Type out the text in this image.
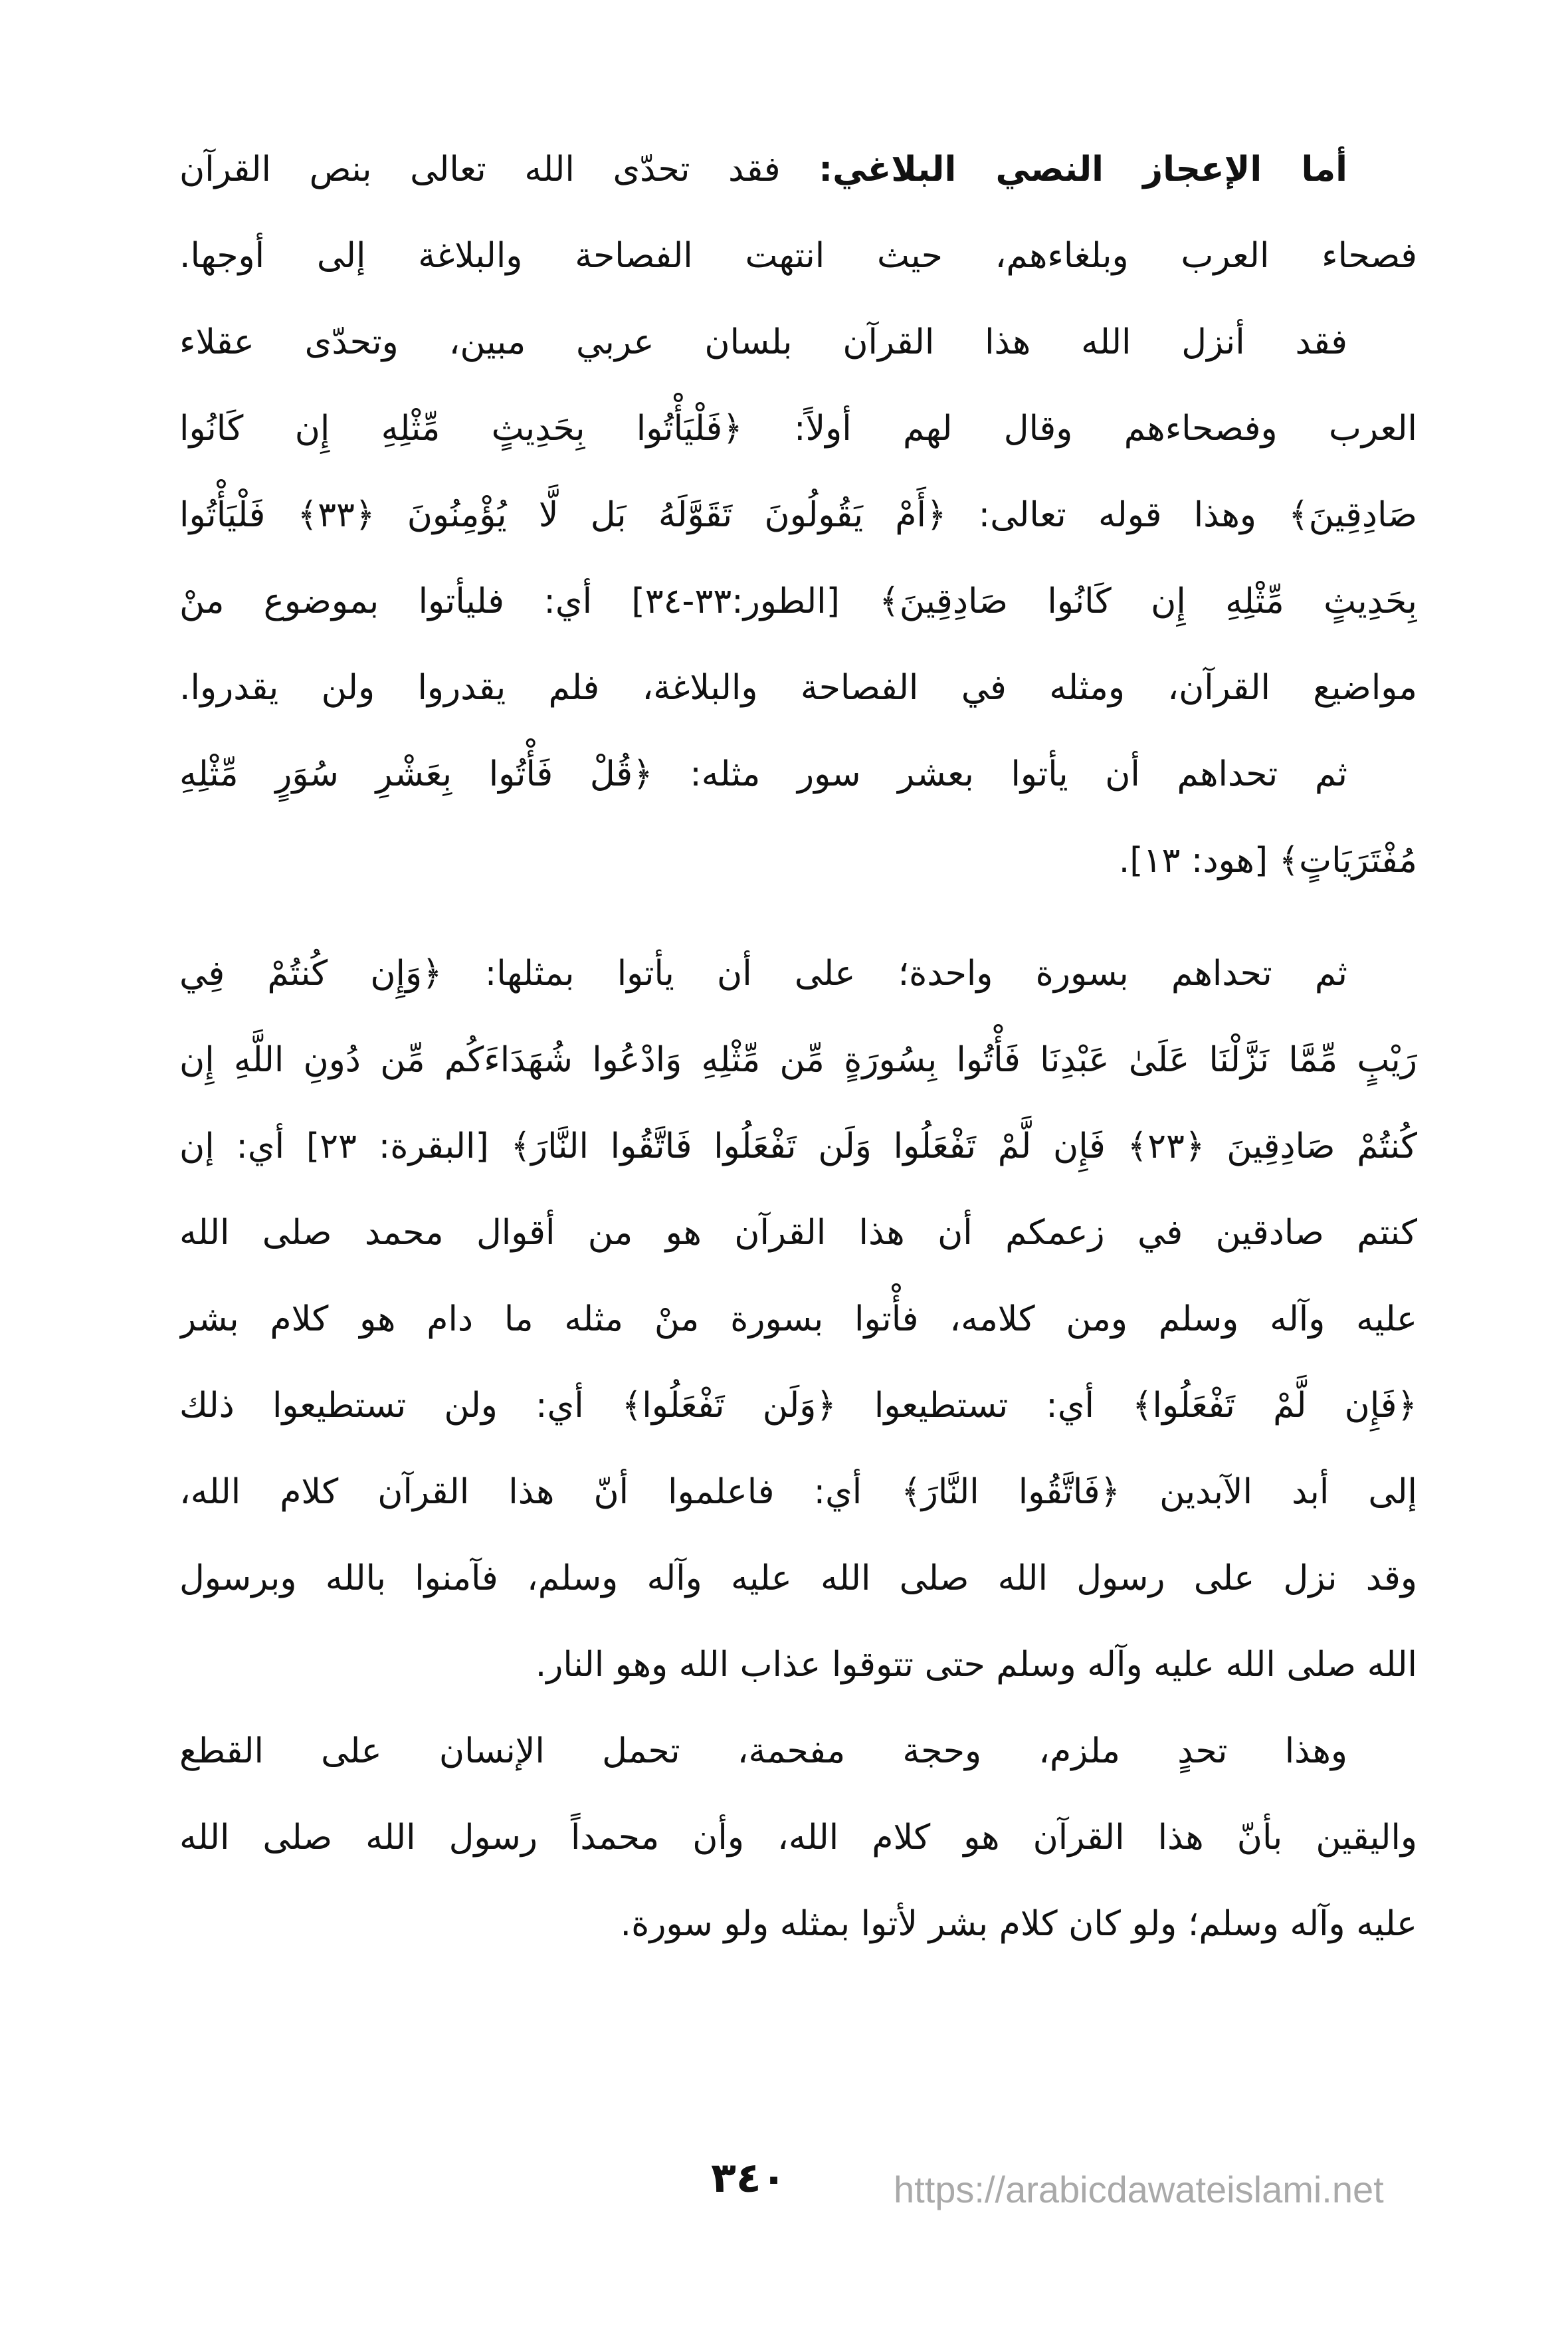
أما الإعجاز النصي البلاغي: فقد تحدّى الله تعالى بنص القرآن
فصحاء العرب وبلغاءهم، حيث انتهت الفصاحة والبلاغة إلى أوجها.
فقد أنزل الله هذا القرآن بلسان عربي مبين، وتحدّى عقلاء
العرب وفصحاءهم وقال لهم أولاً: ﴿فَلْيَأْتُوا بِحَدِيثٍ مِّثْلِهِ إِن كَانُوا
صَادِقِينَ﴾ وهذا قوله تعالى: ﴿أَمْ يَقُولُونَ تَقَوَّلَهُ بَل لَّا يُؤْمِنُونَ ﴿٣٣﴾ فَلْيَأْتُوا
بِحَدِيثٍ مِّثْلِهِ إِن كَانُوا صَادِقِينَ﴾ [الطور:٣٣-٣٤] أي: فليأتوا بموضوع منْ
مواضيع القرآن، ومثله في الفصاحة والبلاغة، فلم يقدروا ولن يقدروا.
ثم تحداهم أن يأتوا بعشر سور مثله: ﴿قُلْ فَأْتُوا بِعَشْرِ سُوَرٍ مِّثْلِهِ
مُفْتَرَيَاتٍ﴾ [هود: ١٣].
ثم تحداهم بسورة واحدة؛ على أن يأتوا بمثلها: ﴿وَإِن كُنتُمْ فِي
رَيْبٍ مِّمَّا نَزَّلْنَا عَلَىٰ عَبْدِنَا فَأْتُوا بِسُورَةٍ مِّن مِّثْلِهِ وَادْعُوا شُهَدَاءَكُم مِّن دُونِ اللَّهِ إِن
كُنتُمْ صَادِقِينَ ﴿٢٣﴾ فَإِن لَّمْ تَفْعَلُوا وَلَن تَفْعَلُوا فَاتَّقُوا النَّارَ﴾ [البقرة: ٢٣] أي: إن
كنتم صادقين في زعمكم أن هذا القرآن هو من أقوال محمد صلى الله
عليه وآله وسلم ومن كلامه، فأْتوا بسورة منْ مثله ما دام هو كلام بشر
﴿فَإِن لَّمْ تَفْعَلُوا﴾ أي: تستطيعوا ﴿وَلَن تَفْعَلُوا﴾ أي: ولن تستطيعوا ذلك
إلى أبد الآبدين ﴿فَاتَّقُوا النَّارَ﴾ أي: فاعلموا أنّ هذا القرآن كلام الله،
وقد نزل على رسول الله صلى الله عليه وآله وسلم، فآمنوا بالله وبرسول
الله صلى الله عليه وآله وسلم حتى تتوقوا عذاب الله وهو النار.
وهذا تحدٍ ملزم، وحجة مفحمة، تحمل الإنسان على القطع
واليقين بأنّ هذا القرآن هو كلام الله، وأن محمداً رسول الله صلى الله
عليه وآله وسلم؛ ولو كان كلام بشر لأتوا بمثله ولو سورة.
٣٤٠	https://arabicdawateislami.net
